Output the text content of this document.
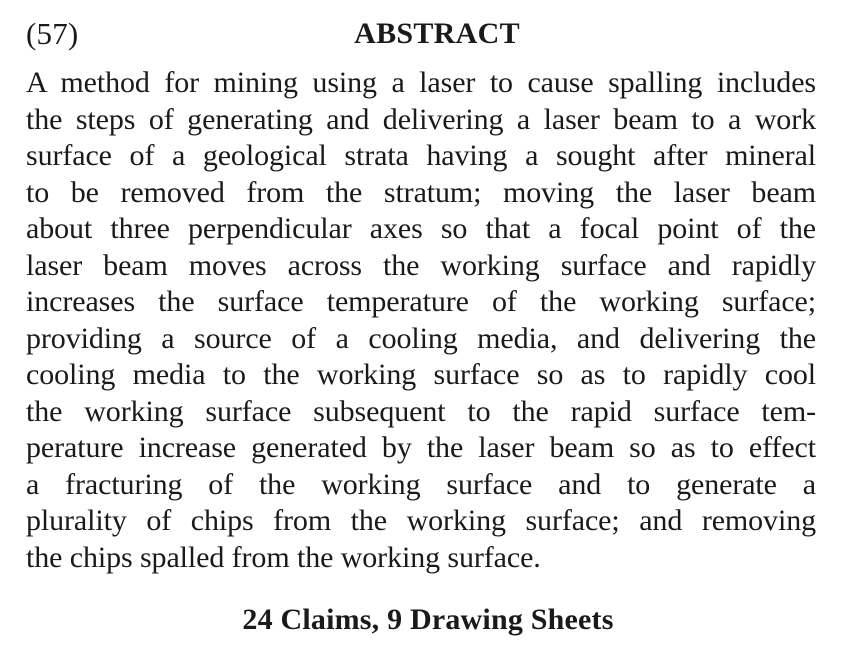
(57)	ABSTRACT
A method for mining using a laser to cause spalling includes
the steps of generating and delivering a laser beam to a work
surface of a geological strata having a sought after mineral
to be removed from the stratum; moving the laser beam
about three perpendicular axes so that a focal point of the
laser beam moves across the working surface and rapidly
increases the surface temperature of the working surface;
providing a source of a cooling media, and delivering the
cooling media to the working surface so as to rapidly cool
the working surface subsequent to the rapid surface tem-
perature increase generated by the laser beam so as to effect
a fracturing of the working surface and to generate a
plurality of chips from the working surface; and removing
the chips spalled from the working surface.
24 Claims, 9 Drawing Sheets
